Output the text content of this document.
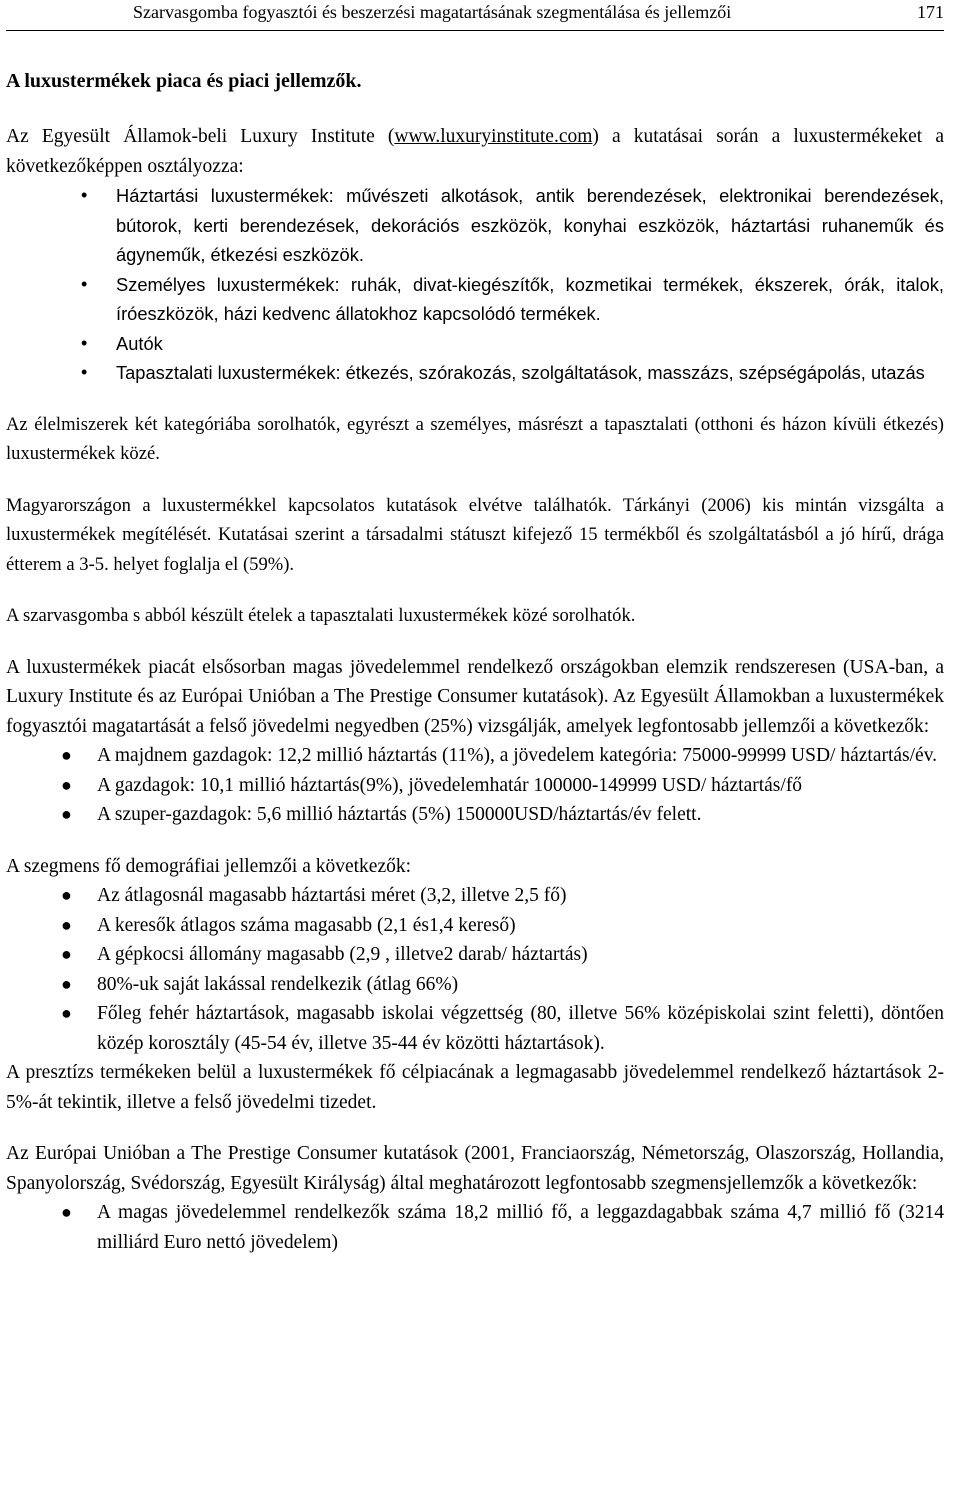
Szarvasgomba fogyasztói és beszerzési magatartásának szegmentálása és jellemzői	171
A luxustermékek piaca és piaci jellemzők.

Az Egyesült Államok-beli Luxury Institute (www.luxuryinstitute.com) a kutatásai során a luxustermékeket a következőképpen osztályozza:

• Háztartási luxustermékek: művészeti alkotások, antik berendezések, elektronikai berendezések, bútorok, kerti berendezések, dekorációs eszközök, konyhai eszközök, háztartási ruhaneműk és ágyneműk, étkezési eszközök.
• Személyes luxustermékek: ruhák, divat-kiegészítők, kozmetikai termékek, ékszerek, órák, italok, íróeszközök, házi kedvenc állatokhoz kapcsolódó termékek.
• Autók
• Tapasztalati luxustermékek: étkezés, szórakozás, szolgáltatások, masszázs, szépségápolás, utazás

Az élelmiszerek két kategóriába sorolhatók, egyrészt a személyes, másrészt a tapasztalati (otthoni és házon kívüli étkezés) luxustermékek közé.

Magyarországon a luxustermékkel kapcsolatos kutatások elvétve találhatók. Tárkányi (2006) kis mintán vizsgálta a luxustermékek megítélését. Kutatásai szerint a társadalmi státuszt kifejező 15 termékből és szolgáltatásból a jó hírű, drága étterem a 3-5. helyet foglalja el (59%).

A szarvasgomba s abból készült ételek a tapasztalati luxustermékek közé sorolhatók.

A luxustermékek piacát elsősorban magas jövedelemmel rendelkező országokban elemzik rendszeresen (USA-ban, a Luxury Institute és az Európai Unióban a The Prestige Consumer kutatások). Az Egyesült Államokban a luxustermékek fogyasztói magatartását a felső jövedelmi negyedben (25%) vizsgálják, amelyek legfontosabb jellemzői a következők:

● A majdnem gazdagok: 12,2 millió háztartás (11%), a jövedelem kategória: 75000-99999 USD/ háztartás/év.
● A gazdagok: 10,1 millió háztartás(9%), jövedelemhatár 100000-149999 USD/ háztartás/fő
● A szuper-gazdagok: 5,6 millió háztartás (5%) 150000USD/háztartás/év felett.

A szegmens fő demográfiai jellemzői a következők:

● Az átlagosnál magasabb háztartási méret (3,2, illetve 2,5 fő)
● A keresők átlagos száma magasabb (2,1 és1,4 kereső)
● A gépkocsi állomány magasabb (2,9 , illetve2 darab/ háztartás)
● 80%-uk saját lakással rendelkezik (átlag 66%)
● Főleg fehér háztartások, magasabb iskolai végzettség (80, illetve 56% középiskolai szint feletti), döntően közép korosztály (45-54 év, illetve 35-44 év közötti háztartások).

A presztízs termékeken belül a luxustermékek fő célpiacának a legmagasabb jövedelemmel rendelkező háztartások 2-5%-át tekintik, illetve a felső jövedelmi tizedet.

Az Európai Unióban a The Prestige Consumer kutatások (2001, Franciaország, Németország, Olaszország, Hollandia, Spanyolország, Svédország, Egyesült Királyság) által meghatározott legfontosabb szegmensjellemzők a következők:

● A magas jövedelemmel rendelkezők száma 18,2 millió fő, a leggazdagabbak száma 4,7 millió fő (3214 milliárd Euro nettó jövedelem)
